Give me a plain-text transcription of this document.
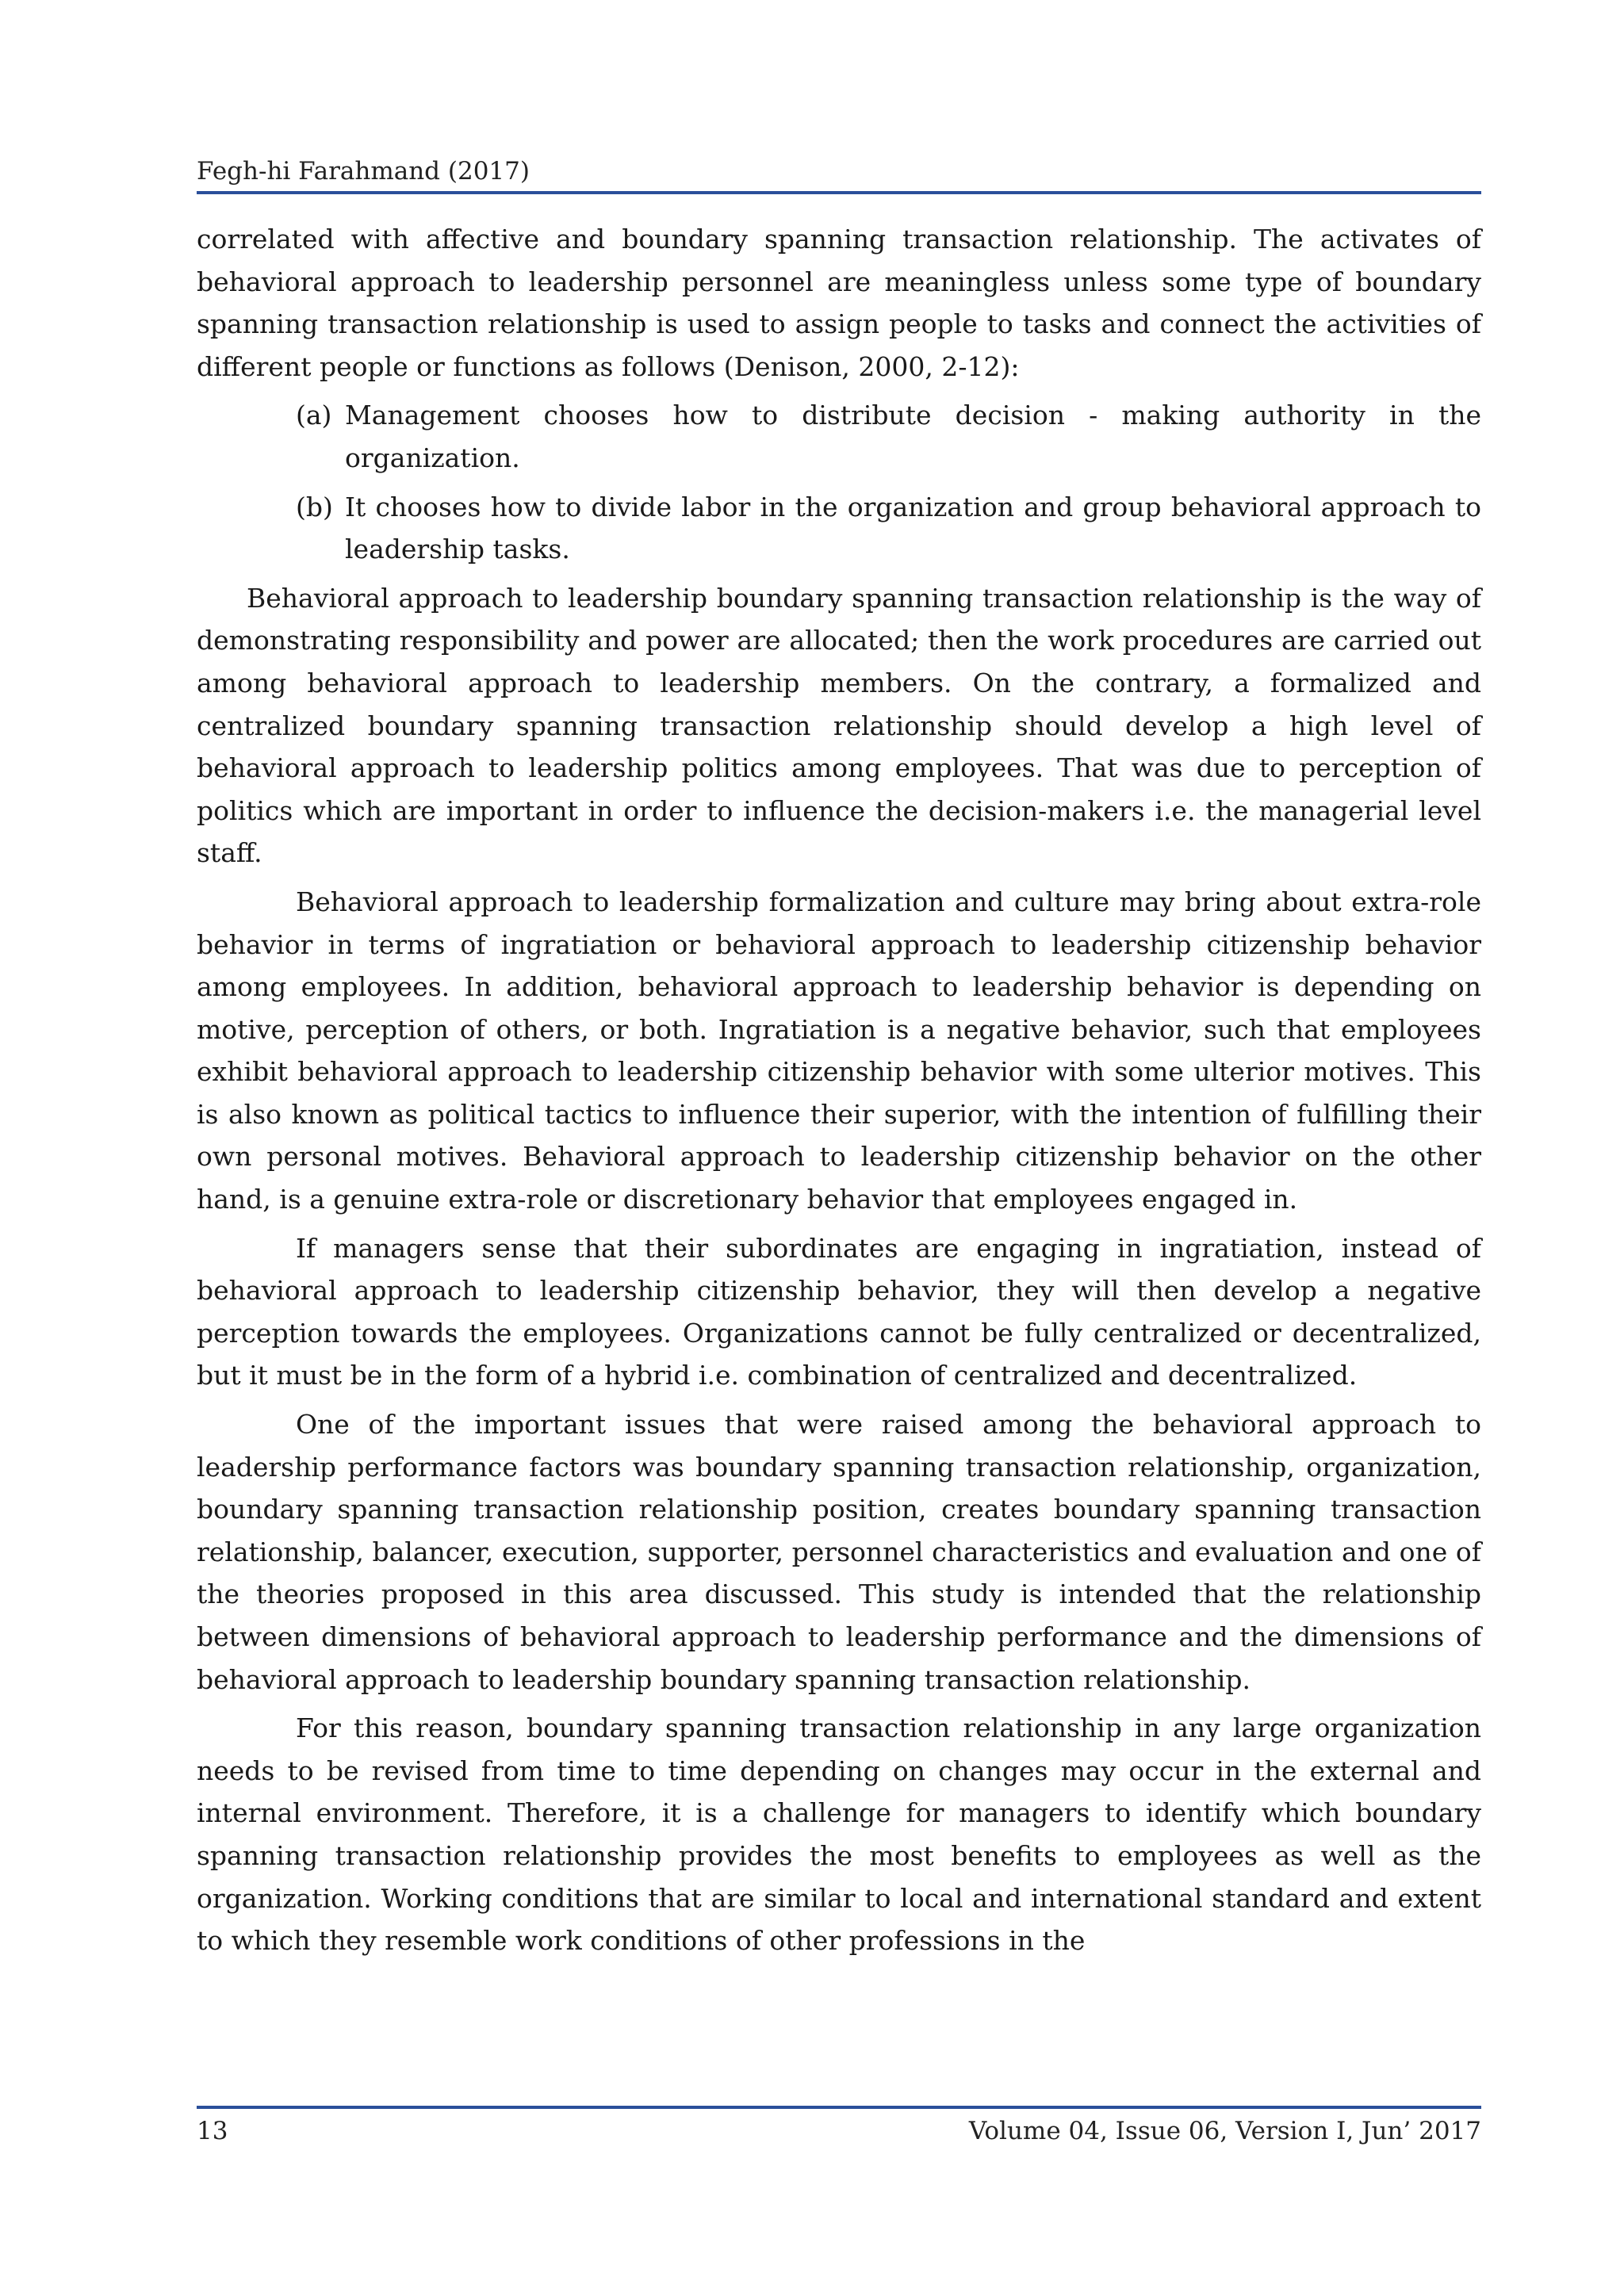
Fegh-hi Farahmand (2017)

correlated with affective and boundary spanning transaction relationship. The activates of behavioral approach to leadership personnel are meaningless unless some type of boundary spanning transaction relationship is used to assign people to tasks and connect the activities of different people or functions as follows (Denison, 2000, 2-12):

(a) Management chooses how to distribute decision - making authority in the organization.
(b) It chooses how to divide labor in the organization and group behavioral approach to leadership tasks.

Behavioral approach to leadership boundary spanning transaction relationship is the way of demonstrating responsibility and power are allocated; then the work procedures are carried out among behavioral approach to leadership members. On the contrary, a formalized and centralized boundary spanning transaction relationship should develop a high level of behavioral approach to leadership politics among employees. That was due to perception of politics which are important in order to influence the decision-makers i.e. the managerial level staff.

Behavioral approach to leadership formalization and culture may bring about extra-role behavior in terms of ingratiation or behavioral approach to leadership citizenship behavior among employees. In addition, behavioral approach to leadership behavior is depending on motive, perception of others, or both. Ingratiation is a negative behavior, such that employees exhibit behavioral approach to leadership citizenship behavior with some ulterior motives. This is also known as political tactics to influence their superior, with the intention of fulfilling their own personal motives. Behavioral approach to leadership citizenship behavior on the other hand, is a genuine extra-role or discretionary behavior that employees engaged in.

If managers sense that their subordinates are engaging in ingratiation, instead of behavioral approach to leadership citizenship behavior, they will then develop a negative perception towards the employees. Organizations cannot be fully centralized or decentralized, but it must be in the form of a hybrid i.e. combination of centralized and decentralized.

One of the important issues that were raised among the behavioral approach to leadership performance factors was boundary spanning transaction relationship, organization, boundary spanning transaction relationship position, creates boundary spanning transaction relationship, balancer, execution, supporter, personnel characteristics and evaluation and one of the theories proposed in this area discussed. This study is intended that the relationship between dimensions of behavioral approach to leadership performance and the dimensions of behavioral approach to leadership boundary spanning transaction relationship.

For this reason, boundary spanning transaction relationship in any large organization needs to be revised from time to time depending on changes may occur in the external and internal environment. Therefore, it is a challenge for managers to identify which boundary spanning transaction relationship provides the most benefits to employees as well as the organization. Working conditions that are similar to local and international standard and extent to which they resemble work conditions of other professions in the

13	Volume 04, Issue 06, Version I, Jun’ 2017
